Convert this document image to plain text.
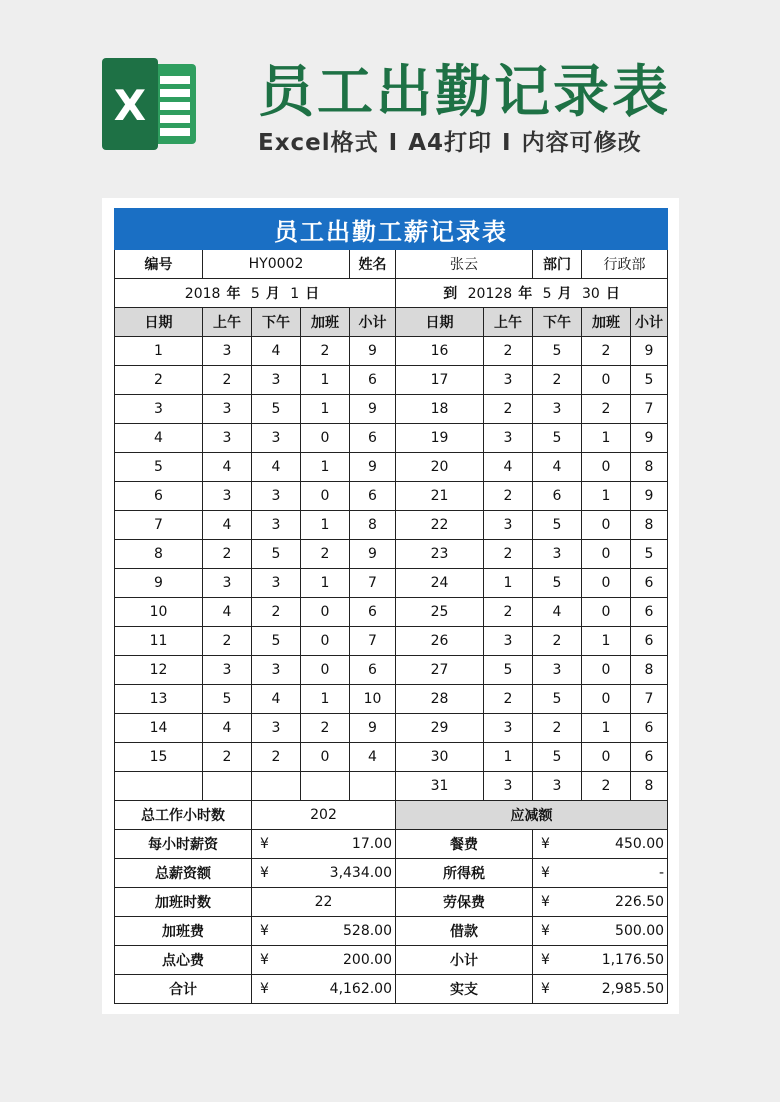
X 员工出勤记录表
Excel格式 I A4打印 I 内容可修改
员工出勤工薪记录表									
编号	HY0002			姓名	张云		部门	行政部	
2018 年 5 月 1 日					到 20128 年 5 月 30 日				
日期	上午	下午	加班	小计	日期	上午	下午	加班	小计
1	3	4	2	9	16	2	5	2	9
2	2	3	1	6	17	3	2	0	5
3	3	5	1	9	18	2	3	2	7
4	3	3	0	6	19	3	5	1	9
5	4	4	1	9	20	4	4	0	8
6	3	3	0	6	21	2	6	1	9
7	4	3	1	8	22	3	5	0	8
8	2	5	2	9	23	2	3	0	5
9	3	3	1	7	24	1	5	0	6
10	4	2	0	6	25	2	4	0	6
11	2	5	0	7	26	3	2	1	6
12	3	3	0	6	27	5	3	0	8
13	5	4	1	10	28	2	5	0	7
14	4	3	2	9	29	3	2	1	6
15	2	2	0	4	30	1	5	0	6
					31	3	3	2	8
总工作小时数		202			应减额				
每小时薪资		¥	17.00		餐费		¥	450.00	
总薪资额		¥	3,434.00		所得税		¥	-	
加班时数		22			劳保费		¥	226.50	
加班费		¥	528.00		借款		¥	500.00	
点心费		¥	200.00		小计		¥	1,176.50	
合计		¥	4,162.00		实支		¥	2,985.50	
